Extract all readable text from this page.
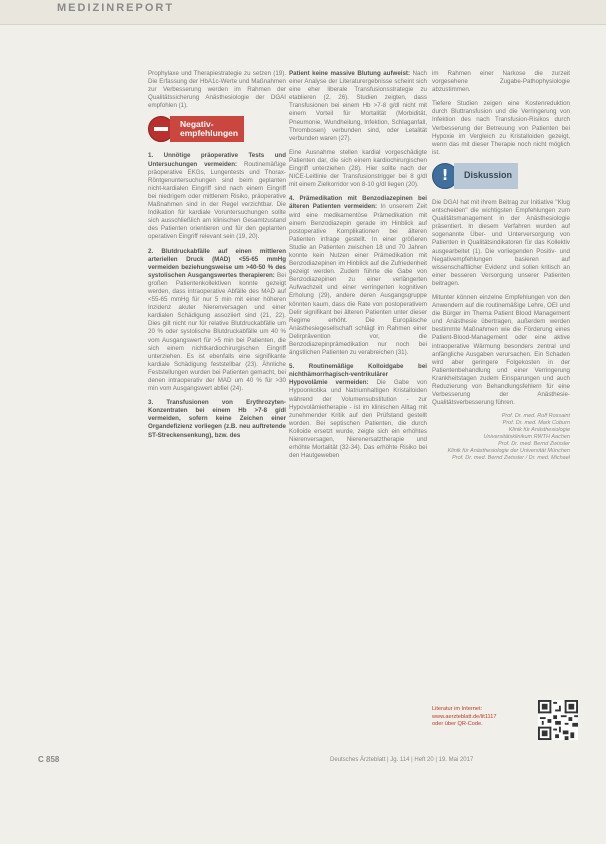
MEDIZINREPORT

Prophylaxe und Therapiestrategie zu setzen (19). Die Erfassung der HbA1c-Werte und Maßnahmen zur Verbesserung werden im Rahmen der Qualitätssicherung Anästhesiologie der DGAI empfohlen (1).

Negativ-
empfehlungen

1. Unnötige präoperative Tests und Untersuchungen vermeiden: Routinemäßige präoperative EKGs, Lungentests und Thorax-Röntgenuntersuchungen sind beim geplanten nicht-kardialen Eingriff sind nach einem Eingriff bei niedrigem oder mittlerem Risiko, präoperative Maßnahmen sind in der Regel verzichtbar. Die Indikation für kardiale Voruntersuchungen sollte sich ausschließlich am klinischen Gesamtzustand des Patienten orientieren und für den geplanten operativen Eingriff relevant sein (19, 20).

2. Blutdruckabfälle auf einen mittleren arteriellen Druck (MAD) <55-65 mmHg vermeiden beziehungsweise um >40-50 % des systolischen Ausgangswertes therapieren: Bei großen Patientenkollektiven konnte gezeigt werden, dass intraoperative Abfälle des MAD auf <55-65 mmHg für nur 5 min mit einer höheren Inzidenz akuter Nierenversagen und einer kardialen Schädigung assoziiert sind (21, 22). Dies gilt nicht nur für relative Blutdruckabfälle um 20 % oder systolische Blutdruckabfälle um 40 % vom Ausgangswert für >5 min bei Patienten, die sich einem nichtkardiochirurgischen Eingriff unterziehen. Es ist ebenfalls eine signifikante kardiale Schädigung feststellbar (23). Ähnliche Feststellungen wurden bei Patienten gemacht, bei denen intraoperativ der MAD um 40 % für >30 min vom Ausgangswert abfiel (24).

3. Transfusionen von Erythrozyten-Konzentraten bei einem Hb >7-8 g/dl vermeiden, sofern keine Zeichen einer Organdefizienz vorliegen (z.B. neu auftretende ST-Streckensenkung), bzw. des

Patient keine massive Blutung aufweist: Nach einer Analyse der Literaturergebnisse scheint sich eine eher liberale Transfusionsstrategie zu etablieren (2, 26). Studien zeigten, dass Transfusionen bei einem Hb >7-8 g/dl nicht mit einem Vorteil für Mortalität (Morbidität, Pneumonie, Wundheilung, Infektion, Schlaganfall, Thrombosen) verbunden sind, oder Letalität verbunden waren (27).

Eine Ausnahme stellen kardial vorgeschädigte Patienten dar, die sich einem kardiochirurgischen Eingriff unterziehen (28). Hier sollte nach der NICE-Leitlinie der Transfusionstrigger bei 8 g/dl mit einem Zielkorridor von 8-10 g/dl liegen (20).

4. Prämedikation mit Benzodiazepinen bei älteren Patienten vermeiden: In unserem Zeit wird eine medikamentöse Prämedikation mit einem Benzodiazepin gerade im Hinblick auf postoperative Komplikationen bei älteren Patienten infrage gestellt. In einer größeren Studie an Patienten zwischen 18 und 70 Jahren konnte kein Nutzen einer Prämedikation mit Benzodiazepinen im Hinblick auf die Zufriedenheit gezeigt werden. Zudem führte die Gabe von Benzodiazepinen zu einer verlängerten Aufwachzeit und einer verringerten kognitiven Erholung (29), andere deren Ausgangsgruppe könnten kaum, dass die Rate von postoperativem Delir signifikant bei älteren Patienten unter dieser Regime erhöht. Die Europäische Anästhesiegesellschaft schlägt im Rahmen einer Delirprävention vor, die Benzodiazepinprämedikation nur noch bei ängstlichen Patienten zu verabreichen (31).

5. Routinemäßige Kolloidgabe bei nichthämorrhagisch-ventrikulärer Hypovolämie vermeiden: Die Gabe von Hypoonkotika und Natriumhaltigen Kristalloiden während der Volumensubstitution - zur Hypovolämietherapie - ist im klinischen Alltag mit zunehmender Kritik auf den Prüfstand gestellt worden. Bei septischen Patienten, die durch Kolloide ersetzt wurde, zeigte sich ein erhöhtes Nierenversagen, Nierenersatztherapie und erhöhte Mortalität (32-34). Das erhöhte Risiko bei den Hautgeweben

im Rahmen einer Narkose die zurzeit vorgesehene Zugabe-Pathophysiologie abzustimmen.

Tiefere Studien zeigen eine Kostenreduktion durch Bluttransfusion und die Verringerung von Infektion des nach Transfusion-Risikos durch Verbesserung der Betreuung von Patienten bei Hypoxie im Vergleich zu Kristalloiden gezeigt, wenn das mit dieser Therapie noch nicht möglich ist.

!	Diskussion

Die DGAI hat mit ihrem Beitrag zur Initiative "Klug entscheiden" die wichtigsten Empfehlungen zum Qualitätsmanagement in der Anästhesiologie präsentiert. In diesem Verfahren wurden auf sogenannte Über- und Unterversorgung von Patienten in Qualitätsindikatoren für das Kollektiv ausgearbeitet (1). Die vorliegenden Positiv- und Negativempfehlungen basieren auf wissenschaftlicher Evidenz und sollen kritisch an einer besseren Versorgung unserer Patienten beitragen.

Mitunter können einzelne Empfehlungen von den Anwendern auf die routinemäßige Lehre, OEI und die Bürger im Thema Patient Blood Management und Anästhesie übertragen, außerdem werden bestimmte Maßnahmen wie die Förderung eines Patient-Blood-Management oder eine aktive intraoperative Wärmung besonders zentral und anfängliche Ausgaben verursachen. Ein Schaden wird aber geringere Folgekosten in der Patientenbehandlung und einer Verringerung Krankheitstagen zudem Einsparungen und auch Reduzierung von Behandlungsfehlern für eine Verbesserung der Anästhesie-Qualitätsverbesserung führen.

Prof. Dr. med. Rolf Rossaint
Prof. Dr. med. Mark Coburn
Klinik für Anästhesiologie
Universitätsklinikum RWTH Aachen
Prof. Dr. med. Bernd Zwissler
Klinik für Anästhesiologie der Universität München
Prof. Dr. med. Bernd Zwissler / Dr. med. Michael
Literatur im Internet:
www.aerzteblatt.de/lit1117
oder über QR-Code.
C 858	Deutsches Ärzteblatt | Jg. 114 | Heft 20 | 19. Mai 2017
